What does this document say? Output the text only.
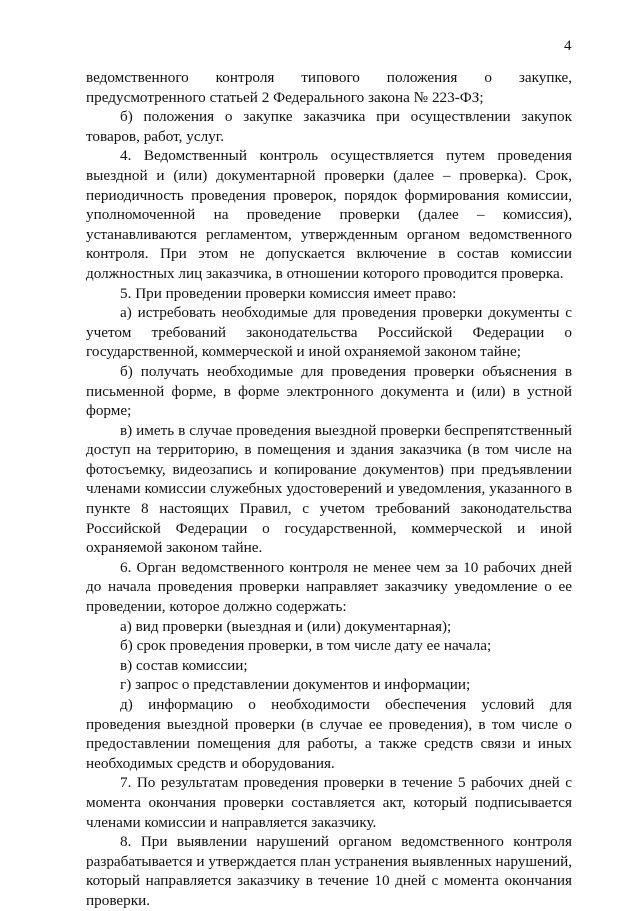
4

ведомственного контроля типового положения о закупке, предусмотренного статьей 2 Федерального закона № 223-ФЗ;

б) положения о закупке заказчика при осуществлении закупок товаров, работ, услуг.

4. Ведомственный контроль осуществляется путем проведения выездной и (или) документарной проверки (далее – проверка). Срок, периодичность проведения проверок, порядок формирования комиссии, уполномоченной на проведение проверки (далее – комиссия), устанавливаются регламентом, утвержденным органом ведомственного контроля. При этом не допускается включение в состав комиссии должностных лиц заказчика, в отношении которого проводится проверка.

5. При проведении проверки комиссия имеет право:

а) истребовать необходимые для проведения проверки документы с учетом требований законодательства Российской Федерации о государственной, коммерческой и иной охраняемой законом тайне;

б) получать необходимые для проведения проверки объяснения в письменной форме, в форме электронного документа и (или) в устной форме;

в) иметь в случае проведения выездной проверки беспрепятственный доступ на территорию, в помещения и здания заказчика (в том числе на фотосъемку, видеозапись и копирование документов) при предъявлении членами комиссии служебных удостоверений и уведомления, указанного в пункте 8 настоящих Правил, с учетом требований законодательства Российской Федерации о государственной, коммерческой и иной охраняемой законом тайне.

6. Орган ведомственного контроля не менее чем за 10 рабочих дней до начала проведения проверки направляет заказчику уведомление о ее проведении, которое должно содержать:

а) вид проверки (выездная и (или) документарная);

б) срок проведения проверки, в том числе дату ее начала;

в) состав комиссии;

г) запрос о представлении документов и информации;

д) информацию о необходимости обеспечения условий для проведения выездной проверки (в случае ее проведения), в том числе о предоставлении помещения для работы, а также средств связи и иных необходимых средств и оборудования.

7. По результатам проведения проверки в течение 5 рабочих дней с момента окончания проверки составляется акт, который подписывается членами комиссии и направляется заказчику.

8. При выявлении нарушений органом ведомственного контроля разрабатывается и утверждается план устранения выявленных нарушений, который направляется заказчику в течение 10 дней с момента окончания проверки.
